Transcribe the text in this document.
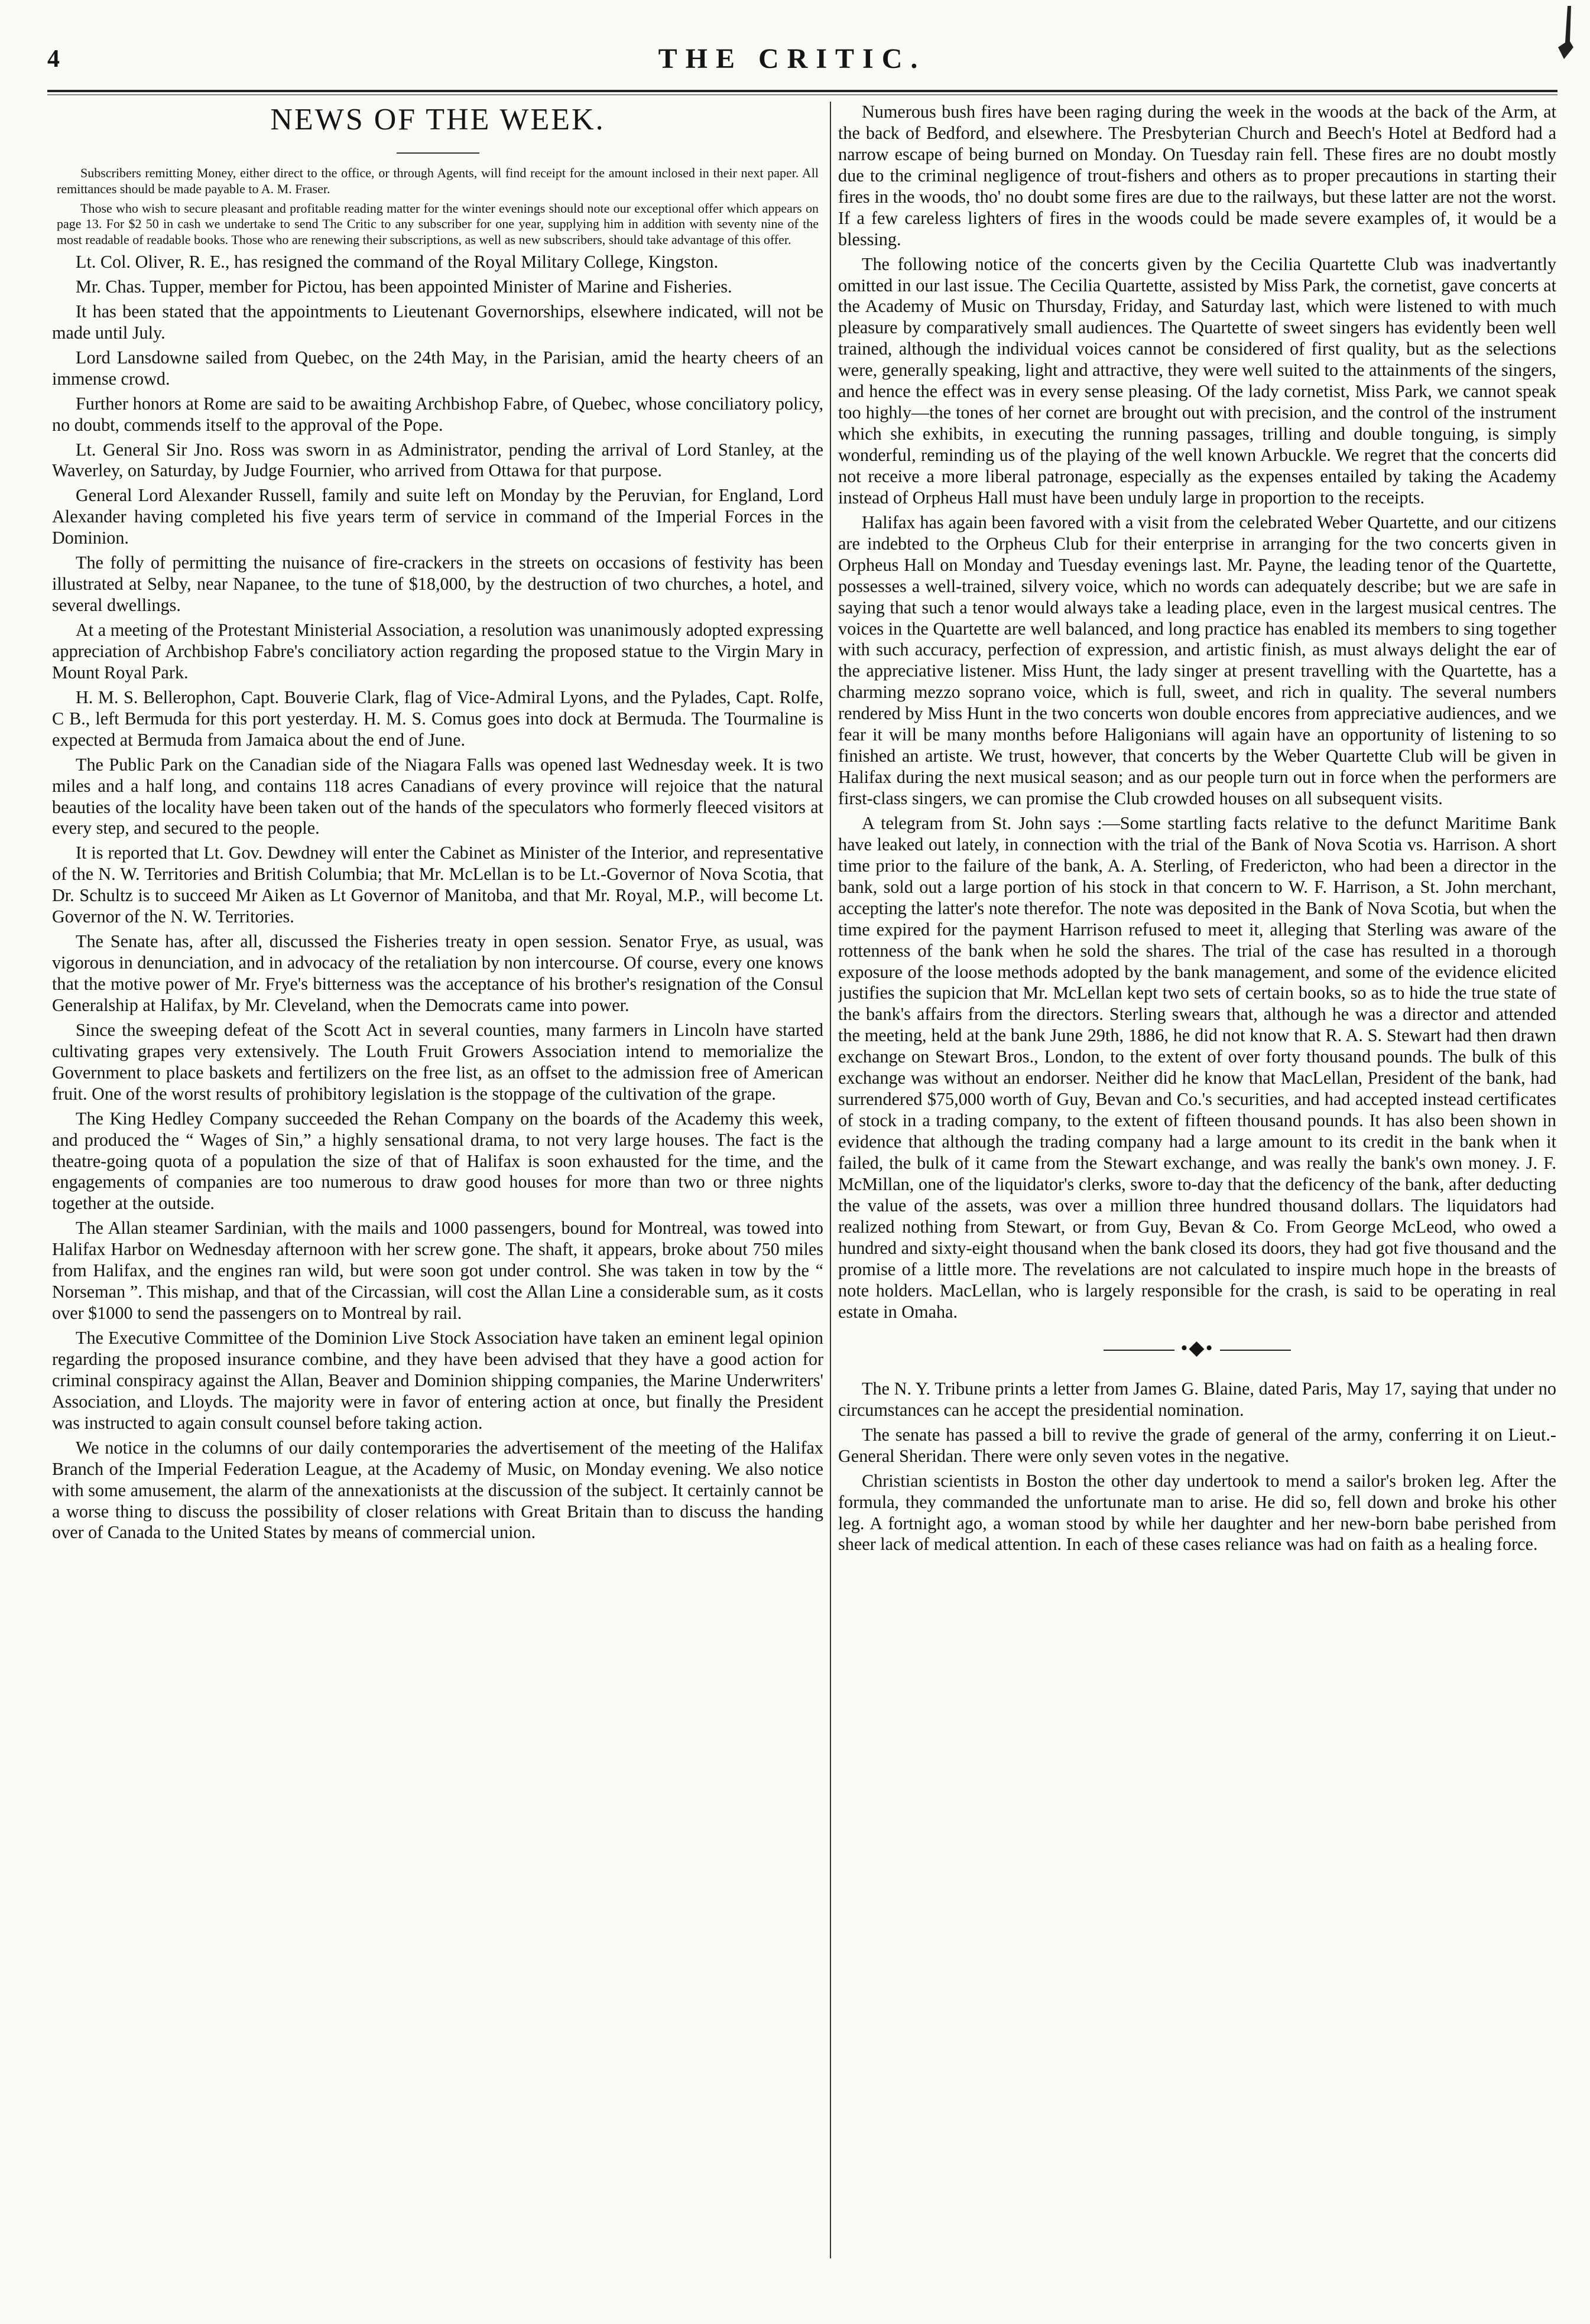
4	THE CRITIC.
NEWS OF THE WEEK.

Subscribers remitting Money, either direct to the office, or through Agents, will find receipt for the amount inclosed in their next paper. All remittances should be made payable to A. M. Fraser.

Those who wish to secure pleasant and profitable reading matter for the winter evenings should note our exceptional offer which appears on page 13. For $2 50 in cash we undertake to send The Critic to any subscriber for one year, supplying him in addition with seventy nine of the most readable of readable books. Those who are renewing their subscriptions, as well as new subscribers, should take advantage of this offer.

Lt. Col. Oliver, R. E., has resigned the command of the Royal Military College, Kingston.

Mr. Chas. Tupper, member for Pictou, has been appointed Minister of Marine and Fisheries.

It has been stated that the appointments to Lieutenant Governorships, elsewhere indicated, will not be made until July.

Lord Lansdowne sailed from Quebec, on the 24th May, in the Parisian, amid the hearty cheers of an immense crowd.

Further honors at Rome are said to be awaiting Archbishop Fabre, of Quebec, whose conciliatory policy, no doubt, commends itself to the approval of the Pope.

Lt. General Sir Jno. Ross was sworn in as Administrator, pending the arrival of Lord Stanley, at the Waverley, on Saturday, by Judge Fournier, who arrived from Ottawa for that purpose.

General Lord Alexander Russell, family and suite left on Monday by the Peruvian, for England, Lord Alexander having completed his five years term of service in command of the Imperial Forces in the Dominion.

The folly of permitting the nuisance of fire-crackers in the streets on occasions of festivity has been illustrated at Selby, near Napanee, to the tune of $18,000, by the destruction of two churches, a hotel, and several dwellings.

At a meeting of the Protestant Ministerial Association, a resolution was unanimously adopted expressing appreciation of Archbishop Fabre's conciliatory action regarding the proposed statue to the Virgin Mary in Mount Royal Park.

H. M. S. Bellerophon, Capt. Bouverie Clark, flag of Vice-Admiral Lyons, and the Pylades, Capt. Rolfe, C B., left Bermuda for this port yesterday. H. M. S. Comus goes into dock at Bermuda. The Tourmaline is expected at Bermuda from Jamaica about the end of June.

The Public Park on the Canadian side of the Niagara Falls was opened last Wednesday week. It is two miles and a half long, and contains 118 acres Canadians of every province will rejoice that the natural beauties of the locality have been taken out of the hands of the speculators who formerly fleeced visitors at every step, and secured to the people.

It is reported that Lt. Gov. Dewdney will enter the Cabinet as Minister of the Interior, and representative of the N. W. Territories and British Columbia; that Mr. McLellan is to be Lt.-Governor of Nova Scotia, that Dr. Schultz is to succeed Mr Aiken as Lt Governor of Manitoba, and that Mr. Royal, M.P., will become Lt. Governor of the N. W. Territories.

The Senate has, after all, discussed the Fisheries treaty in open session. Senator Frye, as usual, was vigorous in denunciation, and in advocacy of the retaliation by non intercourse. Of course, every one knows that the motive power of Mr. Frye's bitterness was the acceptance of his brother's resignation of the Consul Generalship at Halifax, by Mr. Cleveland, when the Democrats came into power.

Since the sweeping defeat of the Scott Act in several counties, many farmers in Lincoln have started cultivating grapes very extensively. The Louth Fruit Growers Association intend to memorialize the Government to place baskets and fertilizers on the free list, as an offset to the admission free of American fruit. One of the worst results of prohibitory legislation is the stoppage of the cultivation of the grape.

The King Hedley Company succeeded the Rehan Company on the boards of the Academy this week, and produced the “ Wages of Sin,” a highly sensational drama, to not very large houses. The fact is the theatre-going quota of a population the size of that of Halifax is soon exhausted for the time, and the engagements of companies are too numerous to draw good houses for more than two or three nights together at the outside.

The Allan steamer Sardinian, with the mails and 1000 passengers, bound for Montreal, was towed into Halifax Harbor on Wednesday afternoon with her screw gone. The shaft, it appears, broke about 750 miles from Halifax, and the engines ran wild, but were soon got under control. She was taken in tow by the “ Norseman ”. This mishap, and that of the Circassian, will cost the Allan Line a considerable sum, as it costs over $1000 to send the passengers on to Montreal by rail.

The Executive Committee of the Dominion Live Stock Association have taken an eminent legal opinion regarding the proposed insurance combine, and they have been advised that they have a good action for criminal conspiracy against the Allan, Beaver and Dominion shipping companies, the Marine Underwriters' Association, and Lloyds. The majority were in favor of entering action at once, but finally the President was instructed to again consult counsel before taking action.

We notice in the columns of our daily contemporaries the advertisement of the meeting of the Halifax Branch of the Imperial Federation League, at the Academy of Music, on Monday evening. We also notice with some amusement, the alarm of the annexationists at the discussion of the subject. It certainly cannot be a worse thing to discuss the possibility of closer relations with Great Britain than to discuss the handing over of Canada to the United States by means of commercial union.

Numerous bush fires have been raging during the week in the woods at the back of the Arm, at the back of Bedford, and elsewhere. The Presbyterian Church and Beech's Hotel at Bedford had a narrow escape of being burned on Monday. On Tuesday rain fell. These fires are no doubt mostly due to the criminal negligence of trout-fishers and others as to proper precautions in starting their fires in the woods, tho' no doubt some fires are due to the railways, but these latter are not the worst. If a few careless lighters of fires in the woods could be made severe examples of, it would be a blessing.

The following notice of the concerts given by the Cecilia Quartette Club was inadvertantly omitted in our last issue. The Cecilia Quartette, assisted by Miss Park, the cornetist, gave concerts at the Academy of Music on Thursday, Friday, and Saturday last, which were listened to with much pleasure by comparatively small audiences. The Quartette of sweet singers has evidently been well trained, although the individual voices cannot be considered of first quality, but as the selections were, generally speaking, light and attractive, they were well suited to the attainments of the singers, and hence the effect was in every sense pleasing. Of the lady cornetist, Miss Park, we cannot speak too highly—the tones of her cornet are brought out with precision, and the control of the instrument which she exhibits, in executing the running passages, trilling and double tonguing, is simply wonderful, reminding us of the playing of the well known Arbuckle. We regret that the concerts did not receive a more liberal patronage, especially as the expenses entailed by taking the Academy instead of Orpheus Hall must have been unduly large in proportion to the receipts.

Halifax has again been favored with a visit from the celebrated Weber Quartette, and our citizens are indebted to the Orpheus Club for their enterprise in arranging for the two concerts given in Orpheus Hall on Monday and Tuesday evenings last. Mr. Payne, the leading tenor of the Quartette, possesses a well-trained, silvery voice, which no words can adequately describe; but we are safe in saying that such a tenor would always take a leading place, even in the largest musical centres. The voices in the Quartette are well balanced, and long practice has enabled its members to sing together with such accuracy, perfection of expression, and artistic finish, as must always delight the ear of the appreciative listener. Miss Hunt, the lady singer at present travelling with the Quartette, has a charming mezzo soprano voice, which is full, sweet, and rich in quality. The several numbers rendered by Miss Hunt in the two concerts won double encores from appreciative audiences, and we fear it will be many months before Haligonians will again have an opportunity of listening to so finished an artiste. We trust, however, that concerts by the Weber Quartette Club will be given in Halifax during the next musical season; and as our people turn out in force when the performers are first-class singers, we can promise the Club crowded houses on all subsequent visits.

A telegram from St. John says :—Some startling facts relative to the defunct Maritime Bank have leaked out lately, in connection with the trial of the Bank of Nova Scotia vs. Harrison. A short time prior to the failure of the bank, A. A. Sterling, of Fredericton, who had been a director in the bank, sold out a large portion of his stock in that concern to W. F. Harrison, a St. John merchant, accepting the latter's note therefor. The note was deposited in the Bank of Nova Scotia, but when the time expired for the payment Harrison refused to meet it, alleging that Sterling was aware of the rottenness of the bank when he sold the shares. The trial of the case has resulted in a thorough exposure of the loose methods adopted by the bank management, and some of the evidence elicited justifies the supicion that Mr. McLellan kept two sets of certain books, so as to hide the true state of the bank's affairs from the directors. Sterling swears that, although he was a director and attended the meeting, held at the bank June 29th, 1886, he did not know that R. A. S. Stewart had then drawn exchange on Stewart Bros., London, to the extent of over forty thousand pounds. The bulk of this exchange was without an endorser. Neither did he know that MacLellan, President of the bank, had surrendered $75,000 worth of Guy, Bevan and Co.'s securities, and had accepted instead certificates of stock in a trading company, to the extent of fifteen thousand pounds. It has also been shown in evidence that although the trading company had a large amount to its credit in the bank when it failed, the bulk of it came from the Stewart exchange, and was really the bank's own money. J. F. McMillan, one of the liquidator's clerks, swore to-day that the deficency of the bank, after deducting the value of the assets, was over a million three hundred thousand dollars. The liquidators had realized nothing from Stewart, or from Guy, Bevan & Co. From George McLeod, who owed a hundred and sixty-eight thousand when the bank closed its doors, they had got five thousand and the promise of a little more. The revelations are not calculated to inspire much hope in the breasts of note holders. MacLellan, who is largely responsible for the crash, is said to be operating in real estate in Omaha.

•◆•

The N. Y. Tribune prints a letter from James G. Blaine, dated Paris, May 17, saying that under no circumstances can he accept the presidential nomination.

The senate has passed a bill to revive the grade of general of the army, conferring it on Lieut.-General Sheridan. There were only seven votes in the negative.

Christian scientists in Boston the other day undertook to mend a sailor's broken leg. After the formula, they commanded the unfortunate man to arise. He did so, fell down and broke his other leg. A fortnight ago, a woman stood by while her daughter and her new-born babe perished from sheer lack of medical attention. In each of these cases reliance was had on faith as a healing force.
